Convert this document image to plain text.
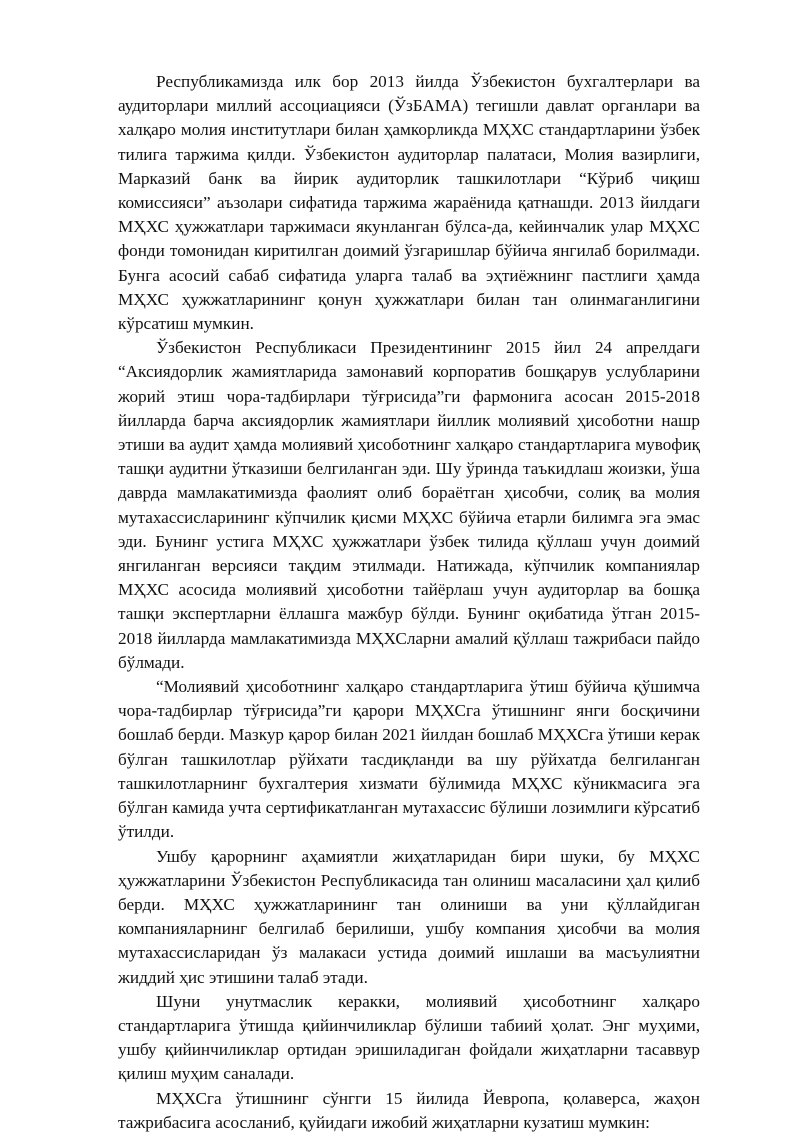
Республикамизда илк бор 2013 йилда Ўзбекистон бухгалтерлари ва аудиторлари миллий ассоциацияси (ЎзБАМА) тегишли давлат органлари ва халқаро молия институтлари билан ҳамкорликда МҲХС стандартларини ўзбек тилига таржима қилди. Ўзбекистон аудиторлар палатаси, Молия вазирлиги, Марказий банк ва йирик аудиторлик ташкилотлари “Кўриб чиқиш комиссияси” аъзолари сифатида таржима жараёнида қатнашди. 2013 йилдаги МҲХС ҳужжатлари таржимаси якунланган бўлса-да, кейинчалик улар МҲХС фонди томонидан киритилган доимий ўзгаришлар бўйича янгилаб борилмади. Бунга асосий сабаб сифатида уларга талаб ва эҳтиёжнинг пастлиги ҳамда МҲХС ҳужжатларининг қонун ҳужжатлари билан тан олинмаганлигини кўрсатиш мумкин.

Ўзбекистон Республикаси Президентининг 2015 йил 24 апрелдаги “Аксиядорлик жамиятларида замонавий корпоратив бошқарув услубларини жорий этиш чора-тадбирлари тўғрисида”ги фармонига асосан 2015-2018 йилларда барча аксиядорлик жамиятлари йиллик молиявий ҳисоботни нашр этиши ва аудит ҳамда молиявий ҳисоботнинг халқаро стандартларига мувофиқ ташқи аудитни ўтказиши белгиланган эди. Шу ўринда таъкидлаш жоизки, ўша даврда мамлакатимизда фаолият олиб бораётган ҳисобчи, солиқ ва молия мутахассисларининг кўпчилик қисми МҲХС бўйича етарли билимга эга эмас эди. Бунинг устига МҲХС ҳужжатлари ўзбек тилида қўллаш учун доимий янгиланган версияси тақдим этилмади. Натижада, кўпчилик компаниялар МҲХС асосида молиявий ҳисоботни тайёрлаш учун аудиторлар ва бошқа ташқи экспертларни ёллашга мажбур бўлди. Бунинг оқибатида ўтган 2015-2018 йилларда мамлакатимизда МҲХСларни амалий қўллаш тажрибаси пайдо бўлмади.

“Молиявий ҳисоботнинг халқаро стандартларига ўтиш бўйича қўшимча чора-тадбирлар тўғрисида”ги қарори МҲХСга ўтишнинг янги босқичини бошлаб берди. Мазкур қарор билан 2021 йилдан бошлаб МҲХСга ўтиши керак бўлган ташкилотлар рўйхати тасдиқланди ва шу рўйхатда белгиланган ташкилотларнинг бухгалтерия хизмати бўлимида МҲХС кўникмасига эга бўлган камида учта сертификатланган мутахассис бўлиши лозимлиги кўрсатиб ўтилди.

Ушбу қарорнинг аҳамиятли жиҳатларидан бири шуки, бу МҲХС ҳужжатларини Ўзбекистон Республикасида тан олиниш масаласини ҳал қилиб берди. МҲХС ҳужжатларининг тан олиниши ва уни қўллайдиган компанияларнинг белгилаб берилиши, ушбу компания ҳисобчи ва молия мутахассисларидан ўз малакаси устида доимий ишлаши ва масъулиятни жиддий ҳис этишини талаб этади.

Шуни унутмаслик керакки, молиявий ҳисоботнинг халқаро стандартларига ўтишда қийинчиликлар бўлиши табиий ҳолат. Энг муҳими, ушбу қийинчиликлар ортидан эришиладиган фойдали жиҳатларни тасаввур қилиш муҳим саналади.

МҲХСга ўтишнинг сўнгги 15 йилида Йевропа, қолаверса, жаҳон тажрибасига асосланиб, қуйидаги ижобий жиҳатларни кузатиш мумкин:
